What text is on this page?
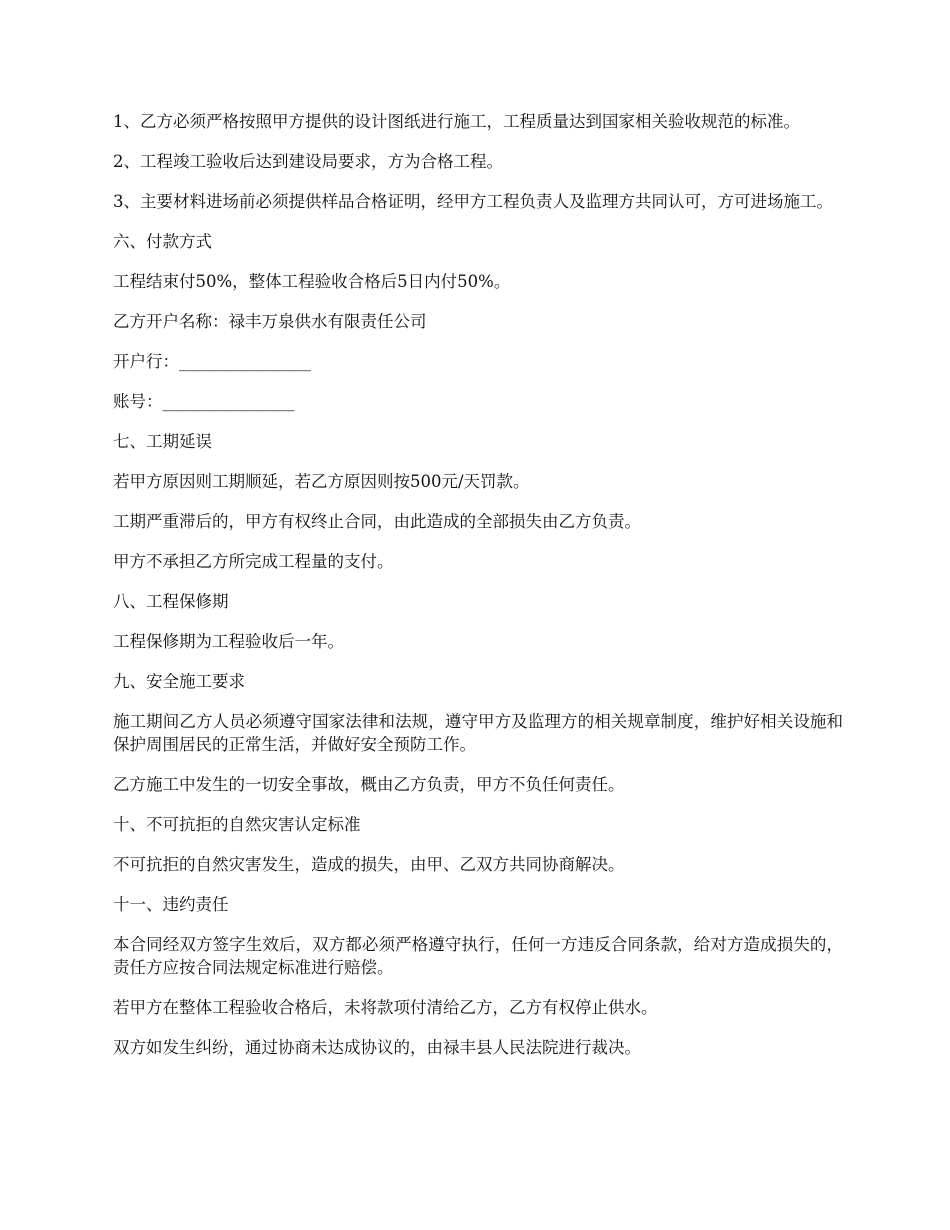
1、乙方必须严格按照甲方提供的设计图纸进行施工，工程质量达到国家相关验收规范的标准。

2、工程竣工验收后达到建设局要求，方为合格工程。

3、主要材料进场前必须提供样品合格证明，经甲方工程负责人及监理方共同认可，方可进场施工。

六、付款方式

工程结束付50%，整体工程验收合格后5日内付50%。

乙方开户名称：禄丰万泉供水有限责任公司

开户行：________________

账号：________________

七、工期延误

若甲方原因则工期顺延，若乙方原因则按500元/天罚款。

工期严重滞后的，甲方有权终止合同，由此造成的全部损失由乙方负责。

甲方不承担乙方所完成工程量的支付。

八、工程保修期

工程保修期为工程验收后一年。

九、安全施工要求

施工期间乙方人员必须遵守国家法律和法规，遵守甲方及监理方的相关规章制度，维护好相关设施和保护周围居民的正常生活，并做好安全预防工作。

乙方施工中发生的一切安全事故，概由乙方负责，甲方不负任何责任。

十、不可抗拒的自然灾害认定标准

不可抗拒的自然灾害发生，造成的损失，由甲、乙双方共同协商解决。

十一、违约责任

本合同经双方签字生效后，双方都必须严格遵守执行，任何一方违反合同条款，给对方造成损失的，责任方应按合同法规定标准进行赔偿。

若甲方在整体工程验收合格后，未将款项付清给乙方，乙方有权停止供水。

双方如发生纠纷，通过协商未达成协议的，由禄丰县人民法院进行裁决。
